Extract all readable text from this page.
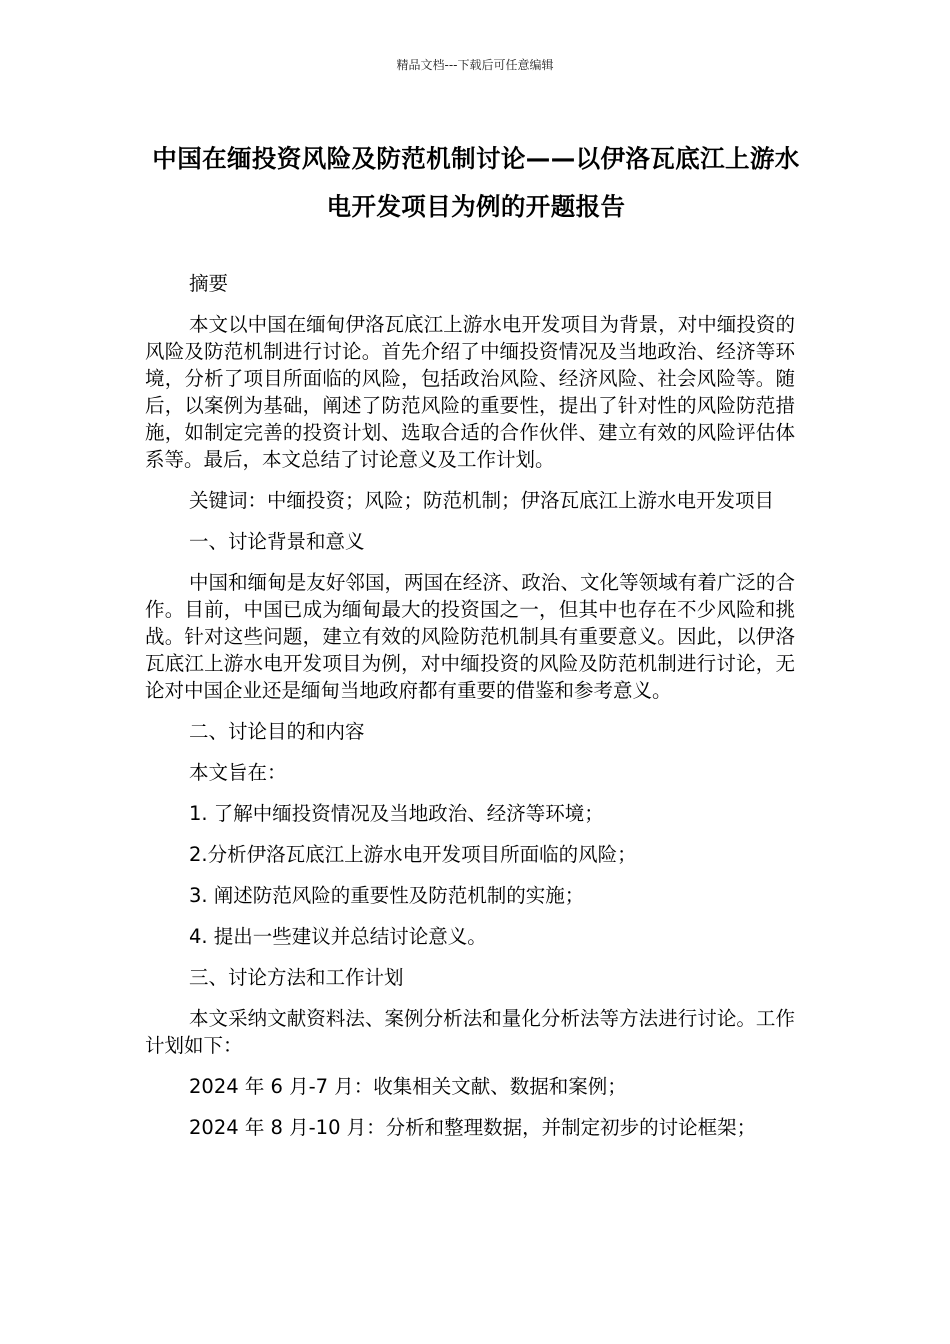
精品文档---下载后可任意编辑
中国在缅投资风险及防范机制讨论——以伊洛瓦底江上游水电开发项目为例的开题报告

摘要

本文以中国在缅甸伊洛瓦底江上游水电开发项目为背景，对中缅投资的风险及防范机制进行讨论。首先介绍了中缅投资情况及当地政治、经济等环境，分析了项目所面临的风险，包括政治风险、经济风险、社会风险等。随后，以案例为基础，阐述了防范风险的重要性，提出了针对性的风险防范措施，如制定完善的投资计划、选取合适的合作伙伴、建立有效的风险评估体系等。最后，本文总结了讨论意义及工作计划。

关键词：中缅投资；风险；防范机制；伊洛瓦底江上游水电开发项目

一、讨论背景和意义

中国和缅甸是友好邻国，两国在经济、政治、文化等领域有着广泛的合作。目前，中国已成为缅甸最大的投资国之一，但其中也存在不少风险和挑战。针对这些问题，建立有效的风险防范机制具有重要意义。因此，以伊洛瓦底江上游水电开发项目为例，对中缅投资的风险及防范机制进行讨论，无论对中国企业还是缅甸当地政府都有重要的借鉴和参考意义。

二、讨论目的和内容

本文旨在：

1. 了解中缅投资情况及当地政治、经济等环境；

2.分析伊洛瓦底江上游水电开发项目所面临的风险；

3. 阐述防范风险的重要性及防范机制的实施；

4. 提出一些建议并总结讨论意义。

三、讨论方法和工作计划

本文采纳文献资料法、案例分析法和量化分析法等方法进行讨论。工作计划如下：

2024 年 6 月-7 月：收集相关文献、数据和案例；

2024 年 8 月-10 月：分析和整理数据，并制定初步的讨论框架；
